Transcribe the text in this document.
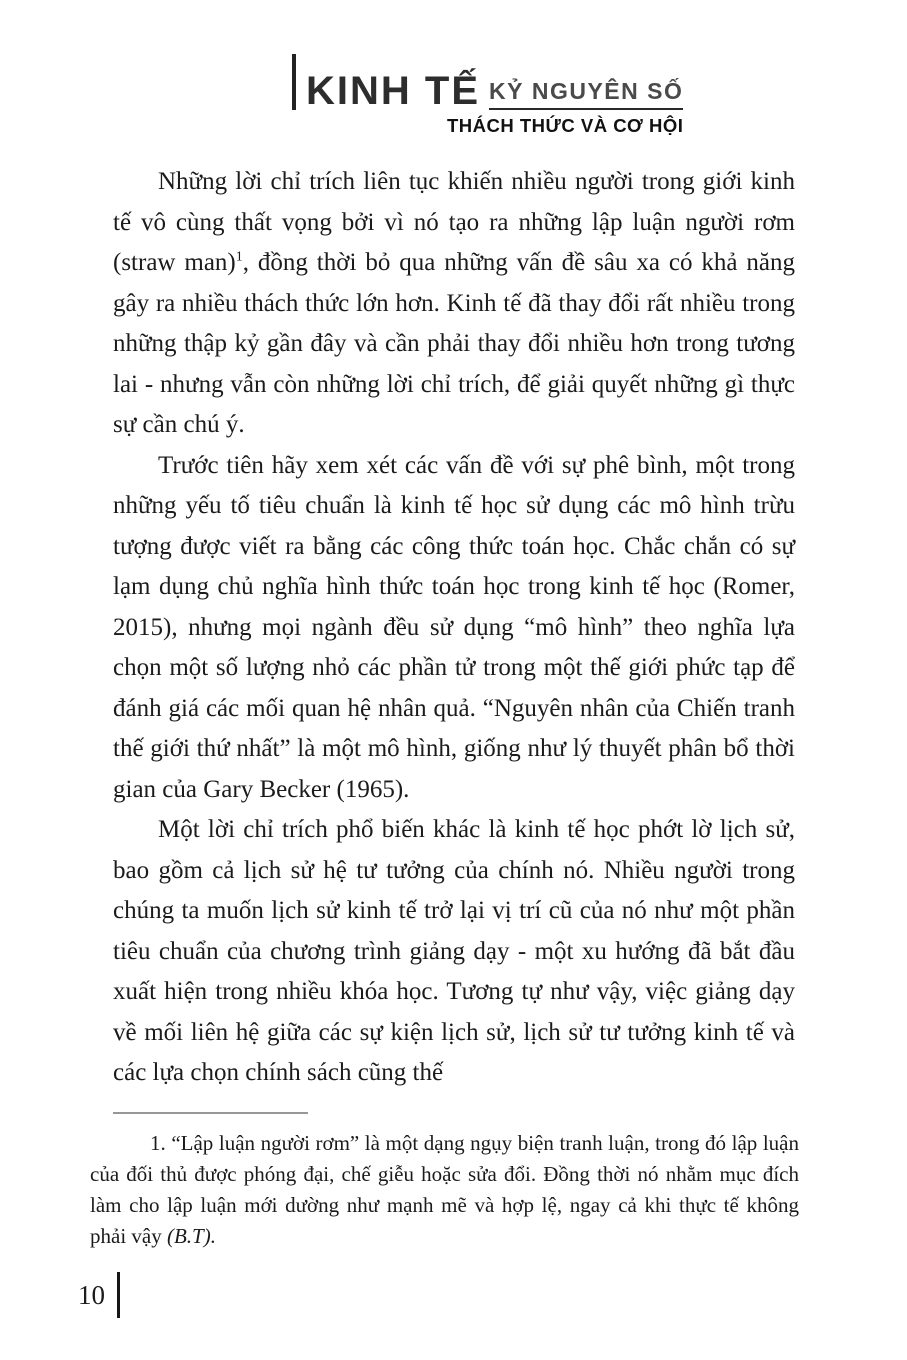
KINH TẾ KỶ NGUYÊN SỐ
THÁCH THỨC VÀ CƠ HỘI

Những lời chỉ trích liên tục khiến nhiều người trong giới kinh tế vô cùng thất vọng bởi vì nó tạo ra những lập luận người rơm (straw man)$^1$, đồng thời bỏ qua những vấn đề sâu xa có khả năng gây ra nhiều thách thức lớn hơn. Kinh tế đã thay đổi rất nhiều trong những thập kỷ gần đây và cần phải thay đổi nhiều hơn trong tương lai - nhưng vẫn còn những lời chỉ trích, để giải quyết những gì thực sự cần chú ý.

Trước tiên hãy xem xét các vấn đề với sự phê bình, một trong những yếu tố tiêu chuẩn là kinh tế học sử dụng các mô hình trừu tượng được viết ra bằng các công thức toán học. Chắc chắn có sự lạm dụng chủ nghĩa hình thức toán học trong kinh tế học (Romer, 2015), nhưng mọi ngành đều sử dụng “mô hình” theo nghĩa lựa chọn một số lượng nhỏ các phần tử trong một thế giới phức tạp để đánh giá các mối quan hệ nhân quả. “Nguyên nhân của Chiến tranh thế giới thứ nhất” là một mô hình, giống như lý thuyết phân bổ thời gian của Gary Becker (1965).

Một lời chỉ trích phổ biến khác là kinh tế học phớt lờ lịch sử, bao gồm cả lịch sử hệ tư tưởng của chính nó. Nhiều người trong chúng ta muốn lịch sử kinh tế trở lại vị trí cũ của nó như một phần tiêu chuẩn của chương trình giảng dạy - một xu hướng đã bắt đầu xuất hiện trong nhiều khóa học. Tương tự như vậy, việc giảng dạy về mối liên hệ giữa các sự kiện lịch sử, lịch sử tư tưởng kinh tế và các lựa chọn chính sách cũng thế

1. “Lập luận người rơm” là một dạng ngụy biện tranh luận, trong đó lập luận của đối thủ được phóng đại, chế giễu hoặc sửa đổi. Đồng thời nó nhằm mục đích làm cho lập luận mới dường như mạnh mẽ và hợp lệ, ngay cả khi thực tế không phải vậy (B.T).
10
